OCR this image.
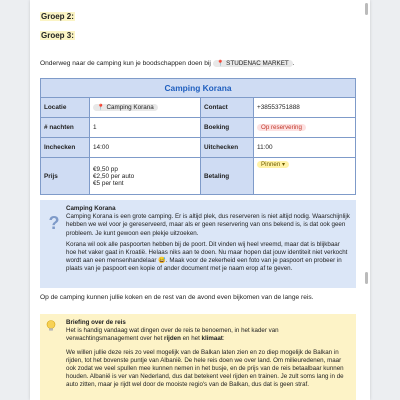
Groep 2:
Groep 3:
Onderweg naar de camping kun je boodschappen doen bij 📍 STUDENAC MARKET .
Camping Korana			
Locatie	📍 Camping Korana	Contact	+38553751888
# nachten	1	Boeking	Op reservering
Inchecken	14:00	Uitchecken	11:00
Prijs	€9,50 pp
€2,50 per auto
€5 per tent	Betaling	Pinnen ▾
?
Camping Korana

Camping Korana is een grote camping. Er is altijd plek, dus reserveren is niet altijd nodig. Waarschijnlijk hebben we wel voor je gereserveerd, maar als er geen reservering van ons bekend is, is dat ook geen probleem. Je kunt gewoon een plekje uitzoeken.

Korana wil ook alle paspoorten hebben bij de poort. Dit vinden wij heel vreemd, maar dat is blijkbaar hoe het vaker gaat in Kroatië. Helaas niks aan te doen. Nu maar hopen dat jouw identiteit niet verkocht wordt aan een mensenhandelaar 😅. Maak voor de zekerheid een foto van je paspoort en probeer in plaats van je paspoort een kopie of ander document met je naam erop af te geven.

Op de camping kunnen jullie koken en de rest van de avond even bijkomen van de lange reis.
Briefing over de reis

Het is handig vandaag wat dingen over de reis te benoemen, in het kader van verwachtingsmanagement over het rijden en het klimaat:

We willen jullie deze reis zo veel mogelijk van de Balkan laten zien en zo diep mogelijk de Balkan in rijden, tot het bovenste puntje van Albanië. De hele reis doen we over land. Om milieuredenen, maar ook zodat we veel spullen mee kunnen nemen in het busje, en de prijs van de reis betaalbaar kunnen houden. Albanië is ver van Nederland, dus dat betekent veel rijden en trainen. Je zult soms lang in de auto zitten, maar je rijdt wel door de mooiste regio's van de Balkan, dus dat is geen straf.
